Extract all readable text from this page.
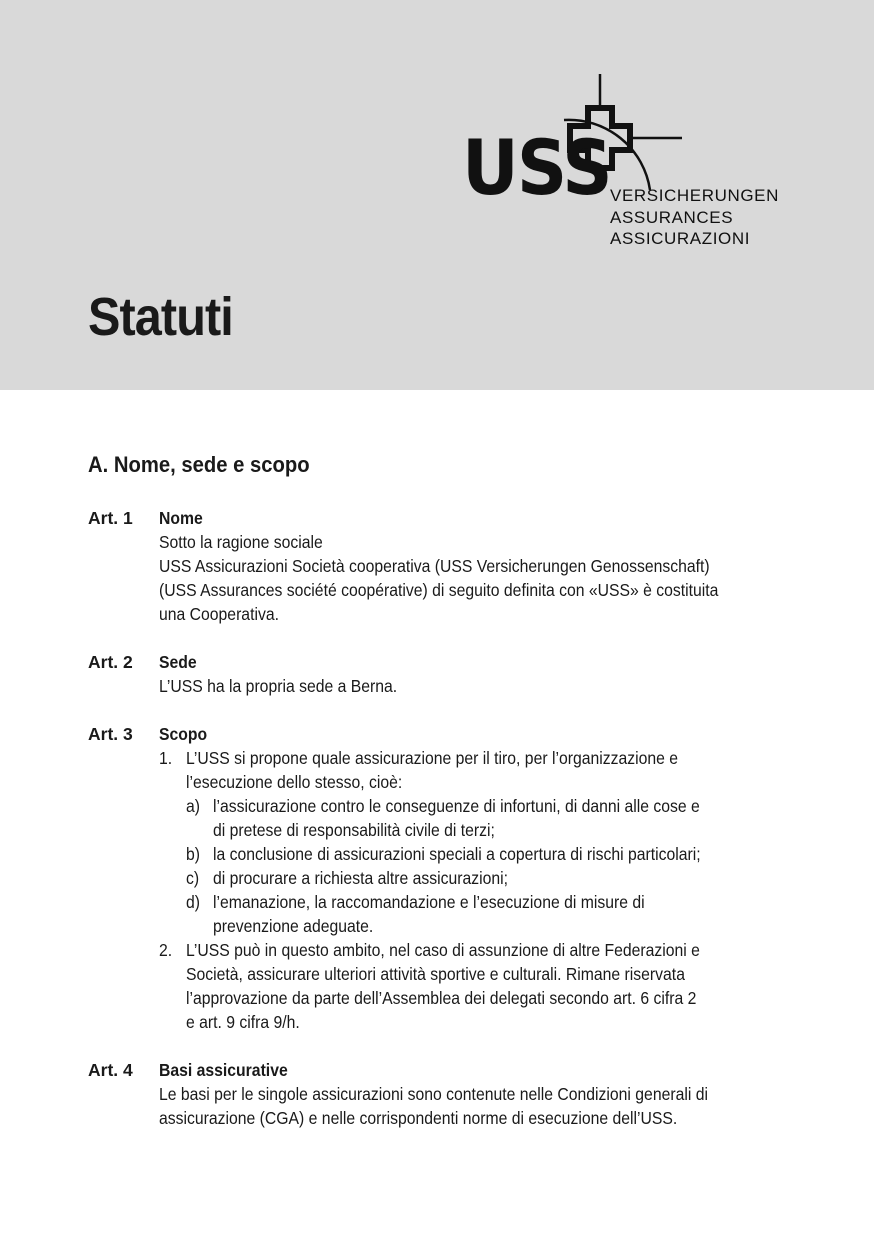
USS VERSICHERUNGEN
ASSURANCES
ASSICURAZIONI
Statuti
A. Nome, sede e scopo
Art. 1 Nome
Sotto la ragione sociale
USS Assicurazioni Società cooperativa (USS Versicherungen Genossenschaft)
(USS Assurances société coopérative) di seguito definita con «USS» è costituita
una Cooperativa.
Art. 2 Sede
L’USS ha la propria sede a Berna.
Art. 3 Scopo
1. L’USS si propone quale assicurazione per il tiro, per l’organizzazione e
l’esecuzione dello stesso, cioè:
a) l’assicurazione contro le conseguenze di infortuni, di danni alle cose e
di pretese di responsabilità civile di terzi;
b) la conclusione di assicurazioni speciali a copertura di rischi particolari;
c) di procurare a richiesta altre assicurazioni;
d) l’emanazione, la raccomandazione e l’esecuzione di misure di
prevenzione adeguate.
2. L’USS può in questo ambito, nel caso di assunzione di altre Federazioni e
Società, assicurare ulteriori attività sportive e culturali. Rimane riservata
l’approvazione da parte dell’Assemblea dei delegati secondo art. 6 cifra 2
e art. 9 cifra 9/h.
Art. 4 Basi assicurative
Le basi per le singole assicurazioni sono contenute nelle Condizioni generali di
assicurazione (CGA) e nelle corrispondenti norme di esecuzione dell’USS.
